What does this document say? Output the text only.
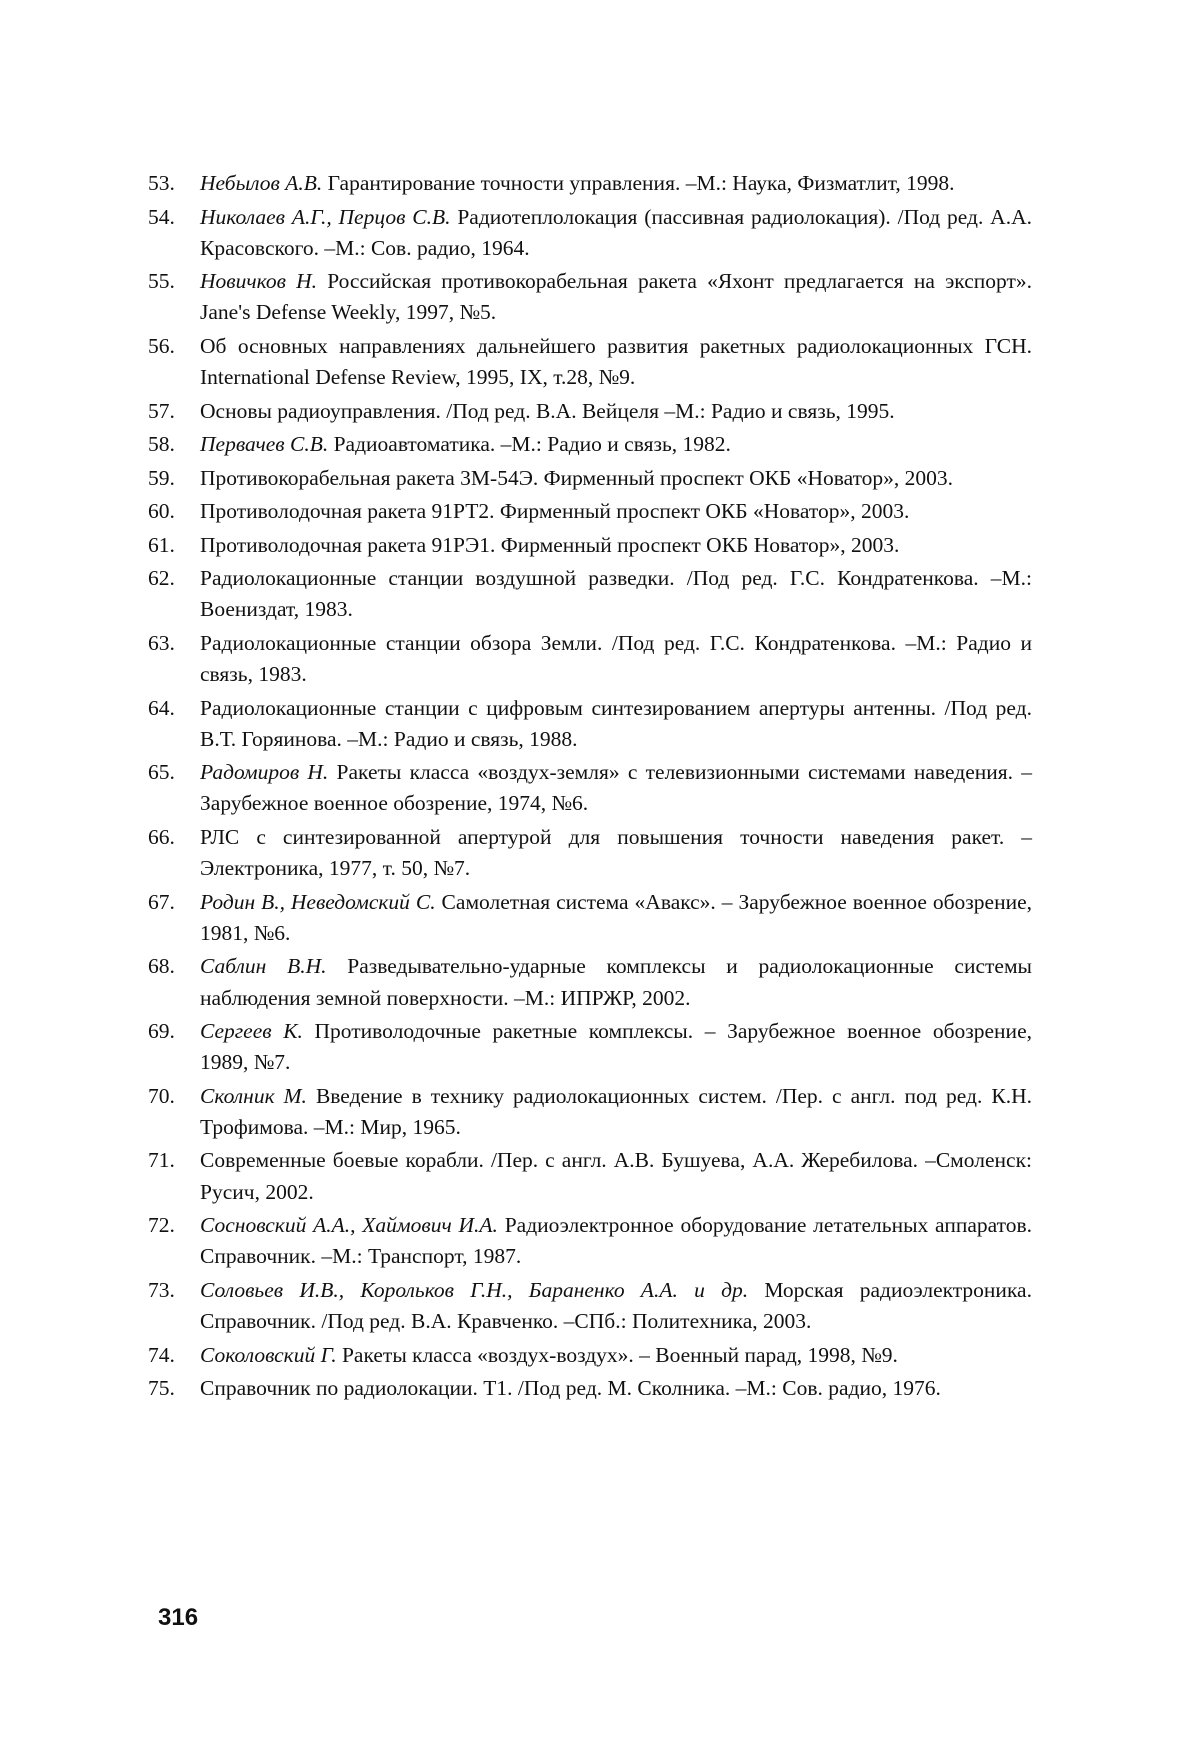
53.	Небылов А.В. Гарантирование точности управления. –М.: Наука, Физматлит, 1998.
54.	Николаев А.Г., Перцов С.В. Радиотеплолокация (пассивная радиолокация). /Под ред. А.А. Красовского. –М.: Сов. радио, 1964.
55.	Новичков Н. Российская противокорабельная ракета «Яхонт предлагается на экспорт». Jane's Defense Weekly, 1997, №5.
56.	Об основных направлениях дальнейшего развития ракетных радиолокационных ГСН. International Defense Review, 1995, IX, т.28, №9.
57.	Основы радиоуправления. /Под ред. В.А. Вейцеля –М.: Радио и связь, 1995.
58.	Первачев С.В. Радиоавтоматика. –М.: Радио и связь, 1982.
59.	Противокорабельная ракета 3М-54Э. Фирменный проспект ОКБ «Новатор», 2003.
60.	Противолодочная ракета 91РТ2. Фирменный проспект ОКБ «Новатор», 2003.
61.	Противолодочная ракета 91РЭ1. Фирменный проспект ОКБ Новатор», 2003.
62.	Радиолокационные станции воздушной разведки. /Под ред. Г.С. Кондратенкова. –М.: Воениздат, 1983.
63.	Радиолокационные станции обзора Земли. /Под ред. Г.С. Кондратенкова. –М.: Радио и связь, 1983.
64.	Радиолокационные станции с цифровым синтезированием апертуры антенны. /Под ред. В.Т. Горяинова. –М.: Радио и связь, 1988.
65.	Радомиров Н. Ракеты класса «воздух-земля» с телевизионными системами наведения. – Зарубежное военное обозрение, 1974, №6.
66.	РЛС с синтезированной апертурой для повышения точности наведения ракет. – Электроника, 1977, т. 50, №7.
67.	Родин В., Неведомский С. Самолетная система «Авакс». – Зарубежное военное обозрение, 1981, №6.
68.	Саблин В.Н. Разведывательно-ударные комплексы и радиолокационные системы наблюдения земной поверхности. –М.: ИПРЖР, 2002.
69.	Сергеев К. Противолодочные ракетные комплексы. – Зарубежное военное обозрение, 1989, №7.
70.	Сколник М. Введение в технику радиолокационных систем. /Пер. с англ. под ред. К.Н. Трофимова. –М.: Мир, 1965.
71.	Современные боевые корабли. /Пер. с англ. А.В. Бушуева, А.А. Жеребилова. –Смоленск: Русич, 2002.
72.	Сосновский А.А., Хаймович И.А. Радиоэлектронное оборудование летательных аппаратов. Справочник. –М.: Транспорт, 1987.
73.	Соловьев И.В., Корольков Г.Н., Бараненко А.А. и др. Морская радиоэлектроника. Справочник. /Под ред. В.А. Кравченко. –СПб.: Политехника, 2003.
74.	Соколовский Г. Ракеты класса «воздух-воздух». – Военный парад, 1998, №9.
75.	Справочник по радиолокации. Т1. /Под ред. М. Сколника. –М.: Сов. радио, 1976.
316
